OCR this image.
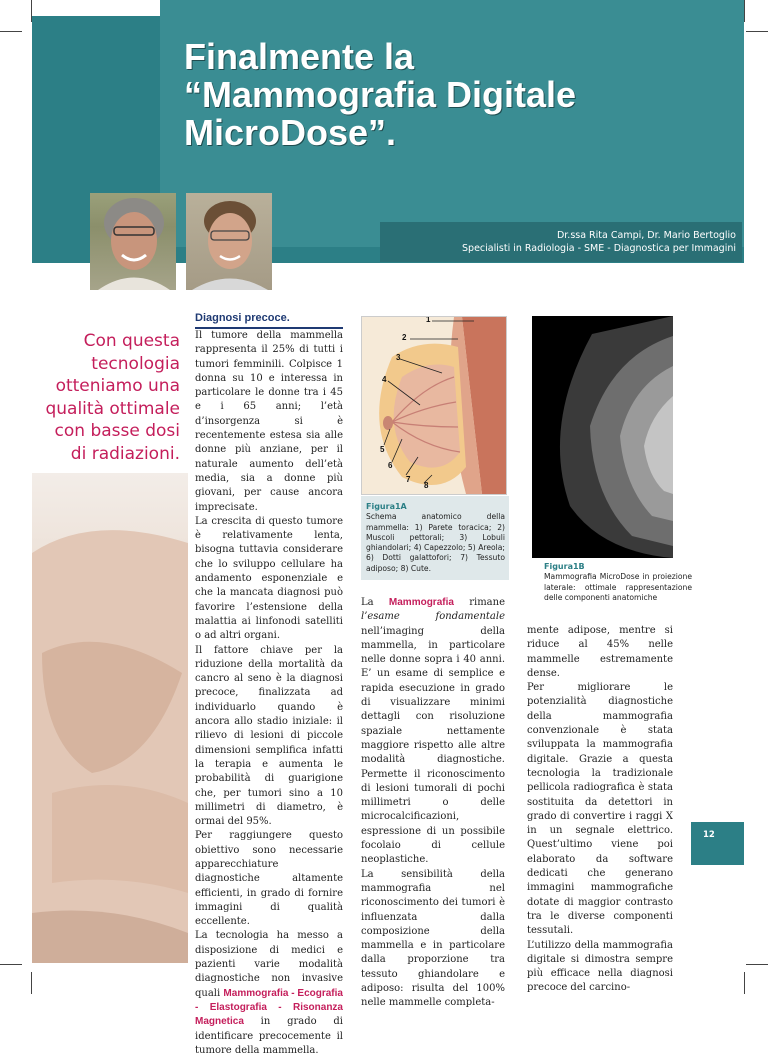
Finalmente la
“Mammografia Digitale
MicroDose”.
Dr.ssa Rita Campi, Dr. Mario Bertoglio
Specialisti in Radiologia - SME - Diagnostica per Immagini

Con questa
tecnologia
otteniamo una
qualità ottimale
con basse dosi
di radiazioni.

Diagnosi precoce.

Il tumore della mammella rappresenta il 25% di tutti i tumori femminili. Colpisce 1 donna su 10 e interessa in particolare le donne tra i 45 e i 65 anni; l’età d’insorgenza si è recentemente estesa sia alle donne più anziane, per il naturale aumento dell’età media, sia a donne più giovani, per cause ancora imprecisate.

La crescita di questo tumore è relativamente lenta, bisogna tuttavia considerare che lo sviluppo cellulare ha andamento esponenziale e che la mancata diagnosi può favorire l’estensione della malattia ai linfonodi satelliti o ad altri organi.

Il fattore chiave per la riduzione della mortalità da cancro al seno è la diagnosi precoce, finalizzata ad individuarlo quando è ancora allo stadio iniziale: il rilievo di lesioni di piccole dimensioni semplifica infatti la terapia e aumenta le probabilità di guarigione che, per tumori sino a 10 millimetri di diametro, è ormai del 95%.

Per raggiungere questo obiettivo sono necessarie apparecchiature diagnostiche altamente efficienti, in grado di fornire immagini di qualità eccellente.

La tecnologia ha messo a disposizione di medici e pazienti varie modalità diagnostiche non invasive quali Mammografia - Ecografia - Elastografia - Risonanza Magnetica in grado di identificare precocemente il tumore della mammella.

1
2
3
4
5
6
7
8
Figura1A
Schema anatomico della mammella: 1) Parete toracica; 2) Muscoli pettorali; 3) Lobuli ghiandolari; 4) Capezzolo; 5) Areola; 6) Dotti galattofori; 7) Tessuto adiposo; 8) Cute.	Figura1B
Mammografia MicroDose in proiezione laterale: ottimale rappresentazione delle componenti anatomiche

La Mammografia rimane l’esame fondamentale nell’imaging della mammella, in particolare nelle donne sopra i 40 anni. E’ un esame di semplice e rapida esecuzione in grado di visualizzare minimi dettagli con risoluzione spaziale nettamente maggiore rispetto alle altre modalità diagnostiche. Permette il riconoscimento di lesioni tumorali di pochi millimetri o delle microcalcificazioni, espressione di un possibile focolaio di cellule neoplastiche.

La sensibilità della mammografia nel riconoscimento dei tumori è influenzata dalla composizione della mammella e in particolare dalla proporzione tra tessuto ghiandolare e adiposo: risulta del 100% nelle mammelle completa-

mente adipose, mentre si riduce al 45% nelle mammelle estremamente dense.

Per migliorare le potenzialità diagnostiche della mammografia convenzionale è stata sviluppata la mammografia digitale. Grazie a questa tecnologia la tradizionale pellicola radiografica è stata sostituita da detettori in grado di convertire i raggi X in un segnale elettrico. Quest’ultimo viene poi elaborato da software dedicati che generano immagini mammografiche dotate di maggior contrasto tra le diverse componenti tessutali.

L’utilizzo della mammografia digitale si dimostra sempre più efficace nella diagnosi precoce del carcino-

12
